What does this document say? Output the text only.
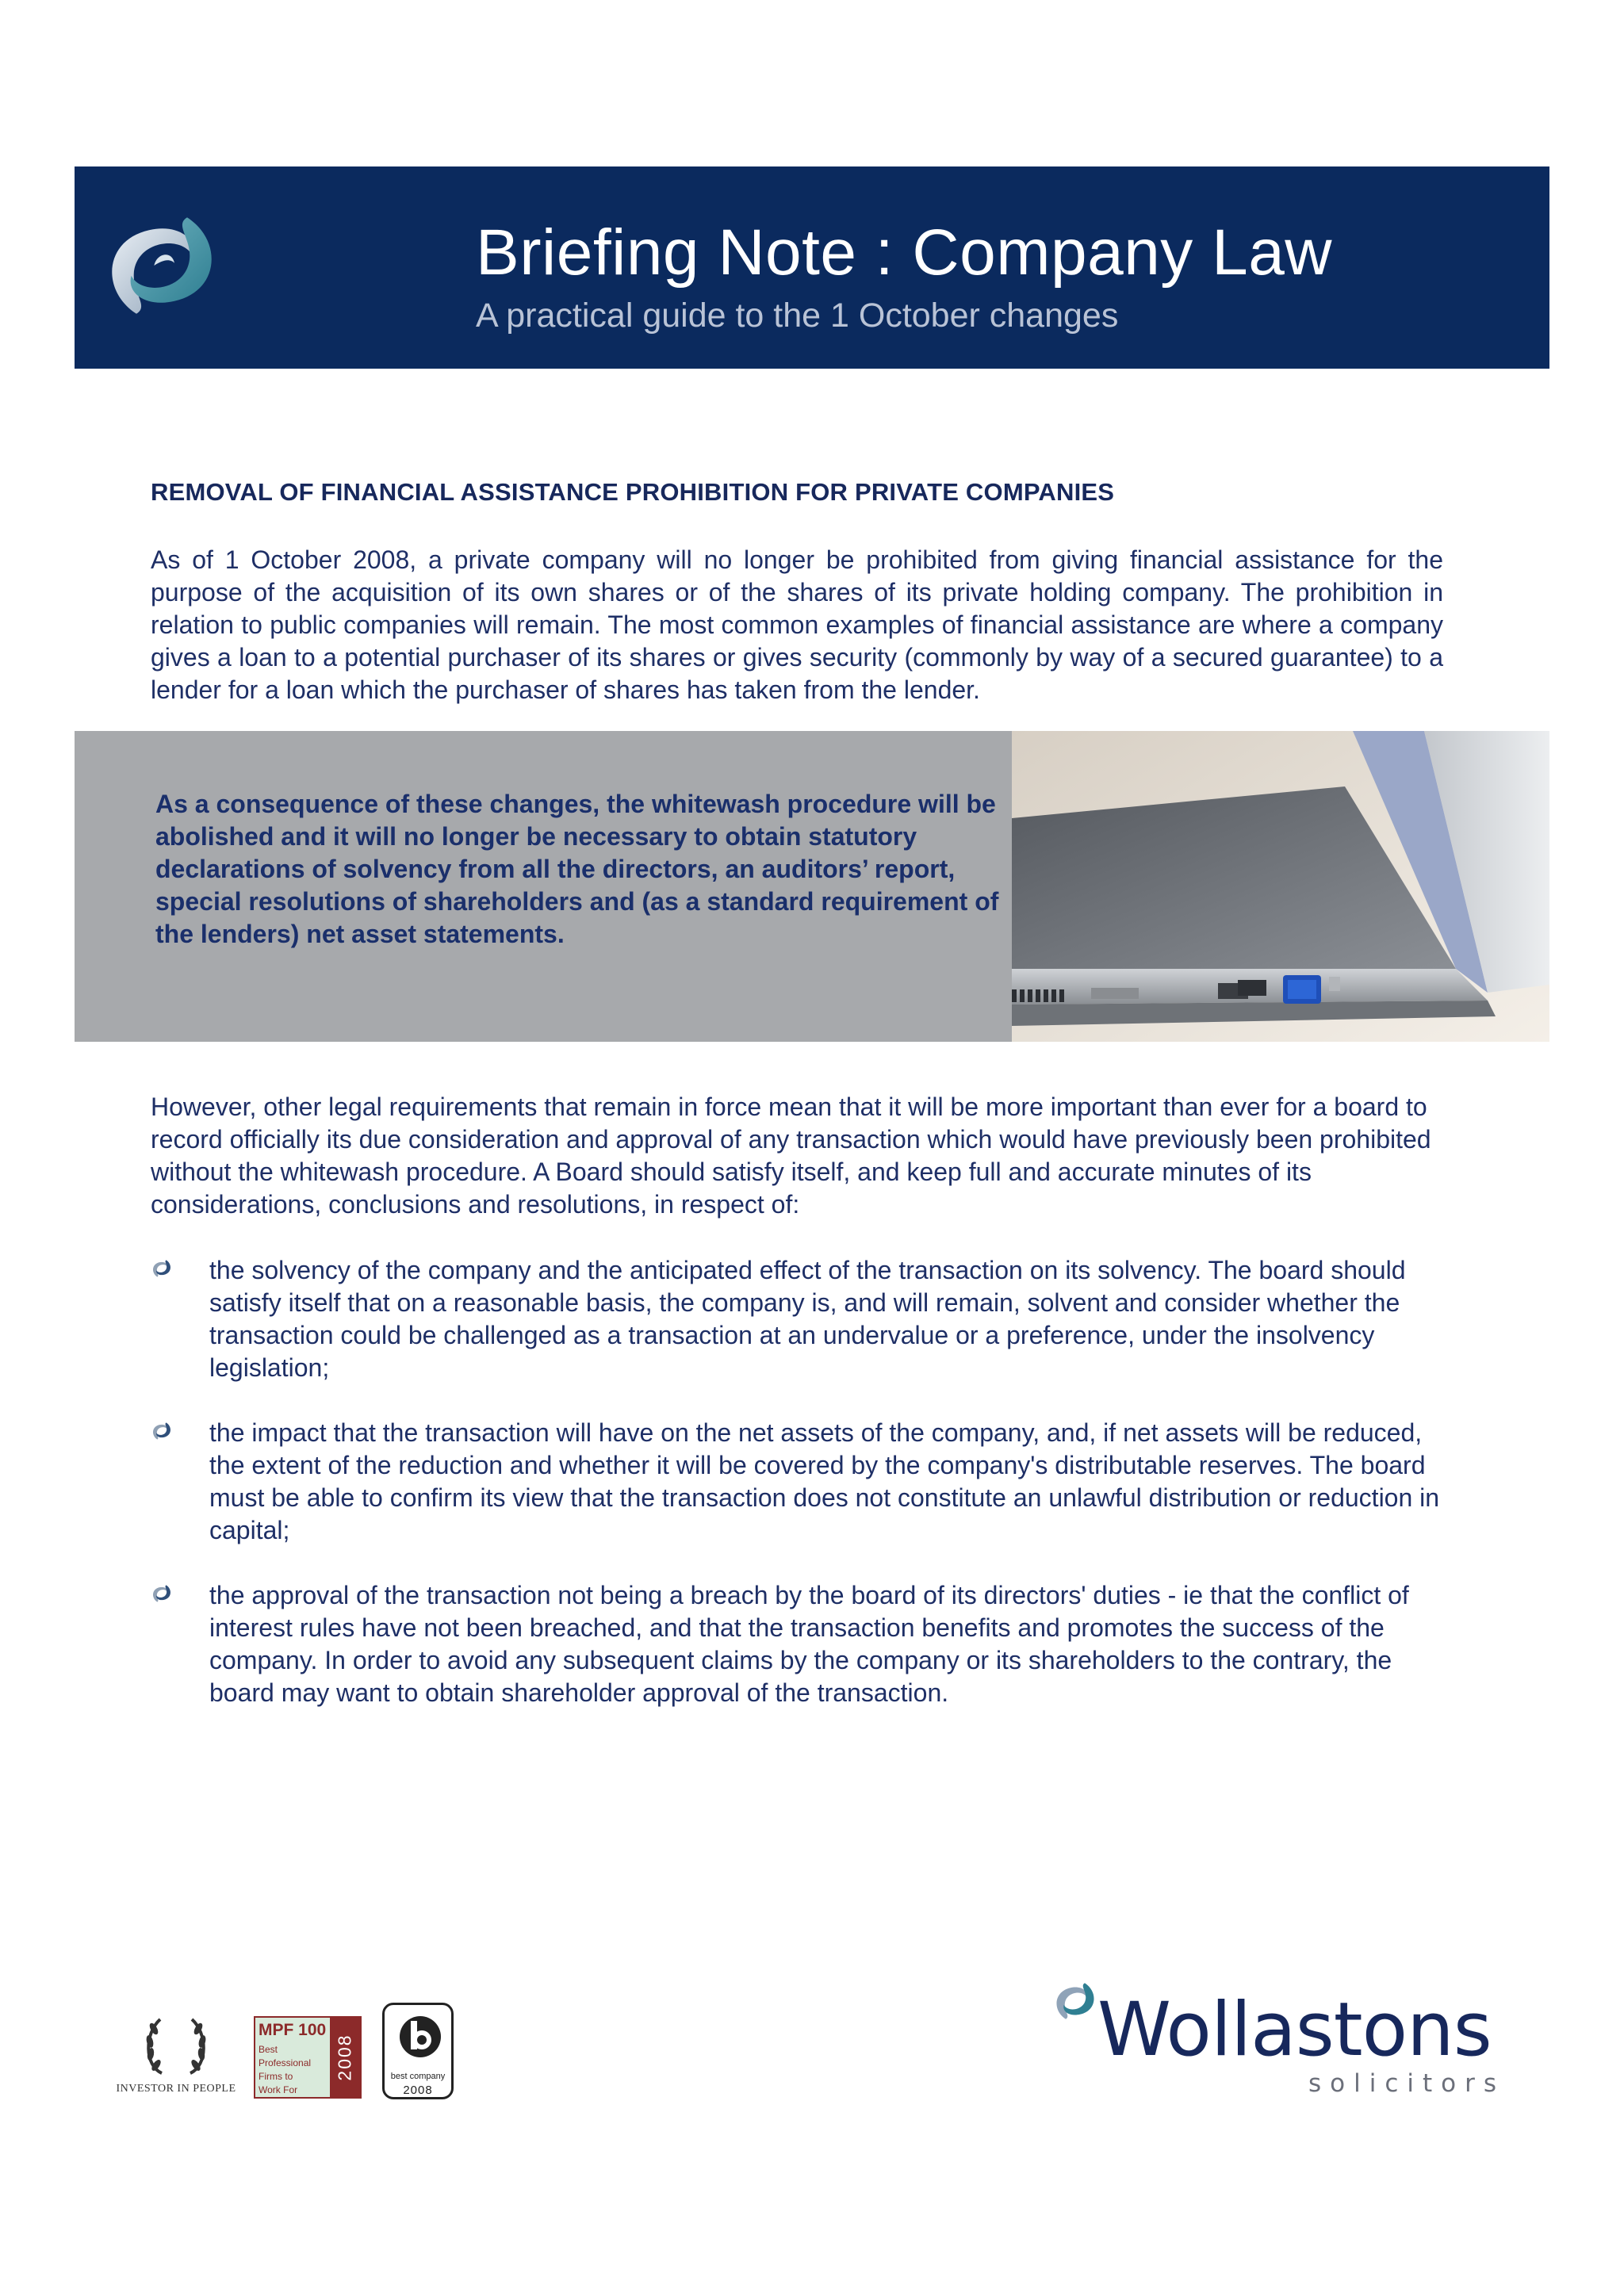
Briefing Note : Company Law
A practical guide to the 1 October changes
REMOVAL OF FINANCIAL ASSISTANCE PROHIBITION FOR PRIVATE COMPANIES

As of 1 October 2008, a private company will no longer be prohibited from giving financial assistance for the purpose of the acquisition of its own shares or of the shares of its private holding company. The prohibition in relation to public companies will remain. The most common examples of financial assistance are where a company gives a loan to a potential purchaser of its shares or gives security (commonly by way of a secured guarantee) to a lender for a loan which the purchaser of shares has taken from the lender.

As a consequence of these changes, the whitewash procedure will be abolished and it will no longer be necessary to obtain statutory declarations of solvency from all the directors, an auditors’ report, special resolutions of shareholders and (as a standard requirement of the lenders) net asset statements.

However, other legal requirements that remain in force mean that it will be more important than ever for a board to record officially its due consideration and approval of any transaction which would have previously been prohibited without the whitewash procedure. A Board should satisfy itself, and keep full and accurate minutes of its considerations, conclusions and resolutions, in respect of:

the solvency of the company and the anticipated effect of the transaction on its solvency. The board should satisfy itself that on a reasonable basis, the company is, and will remain, solvent and consider whether the transaction could be challenged as a transaction at an undervalue or a preference, under the insolvency legislation;
the impact that the transaction will have on the net assets of the company, and, if net assets will be reduced, the extent of the reduction and whether it will be covered by the company's distributable reserves. The board must be able to confirm its view that the transaction does not constitute an unlawful distribution or reduction in capital;
the approval of the transaction not being a breach by the board of its directors' duties - ie that the conflict of interest rules have not been breached, and that the transaction benefits and promotes the success of the company. In order to avoid any subsequent claims by the company or its shareholders to the contrary, the board may want to obtain shareholder approval of the transaction.
INVESTOR IN PEOPLE
MPF 100
Best
Professional
Firms to
Work For
2008	best company
2008
Wollastons
solicitors
